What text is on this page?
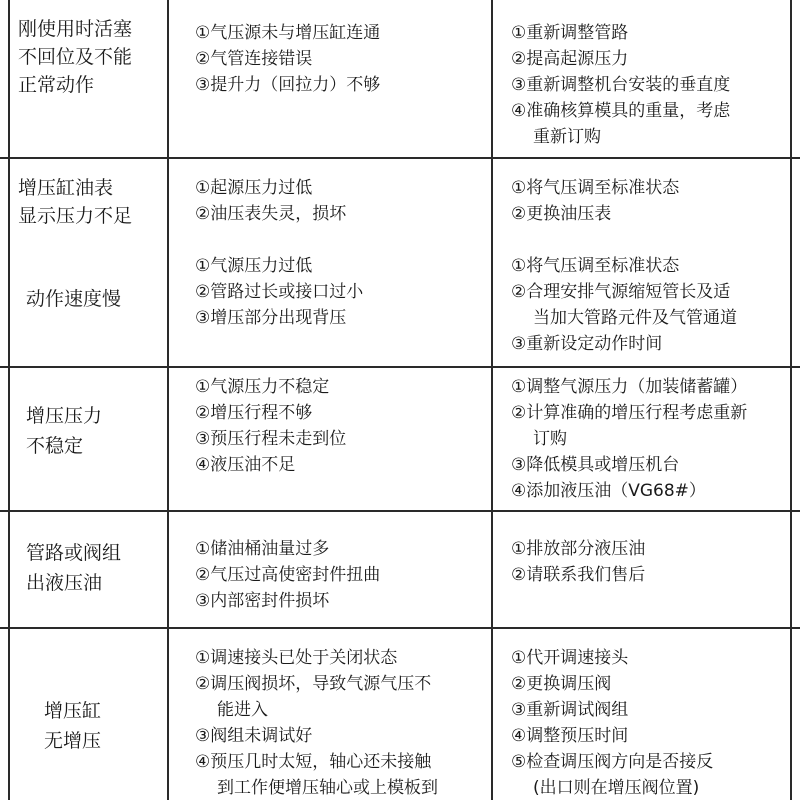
刚使用时活塞
不回位及不能
正常动作
①气压源未与增压缸连通
②气管连接错误
③提升力（回拉力）不够
①重新调整管路
②提高起源压力
③重新调整机台安装的垂直度
④准确核算模具的重量，考虑
重新订购
增压缸油表
显示压力不足
①起源压力过低
②油压表失灵，损坏
①将气压调至标准状态
②更换油压表
动作速度慢
①气源压力过低
②管路过长或接口过小
③增压部分出现背压
①将气压调至标准状态
②合理安排气源缩短管长及适
当加大管路元件及气管通道
③重新设定动作时间
增压压力
不稳定
①气源压力不稳定
②增压行程不够
③预压行程未走到位
④液压油不足
①调整气源压力（加装储蓄罐）
②计算准确的增压行程考虑重新
订购
③降低模具或增压机台
④添加液压油（VG68#）
管路或阀组
出液压油
①储油桶油量过多
②气压过高使密封件扭曲
③内部密封件损坏
①排放部分液压油
②请联系我们售后
增压缸
无增压
①调速接头已处于关闭状态
②调压阀损坏，导致气源气压不
能进入
③阀组未调试好
④预压几时太短，轴心还未接触
到工作便增压轴心或上模板到
①代开调速接头
②更换调压阀
③重新调试阀组
④调整预压时间
⑤检查调压阀方向是否接反
(出口则在增压阀位置)
